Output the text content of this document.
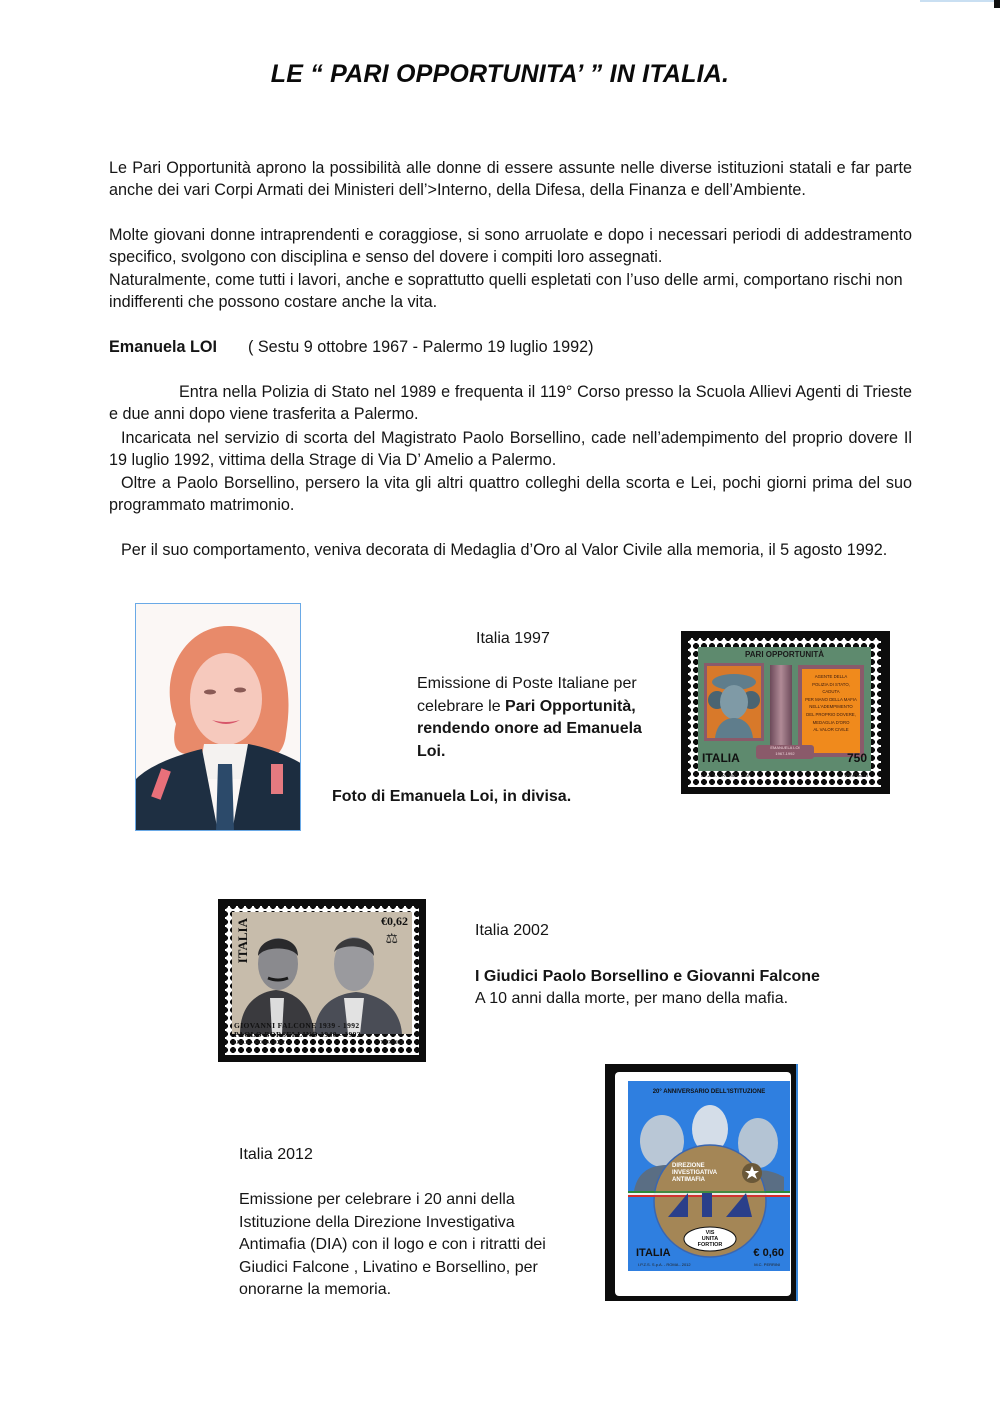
LE “ PARI OPPORTUNITA’ ” IN ITALIA.
Le Pari Opportunità aprono la possibilità alle donne di essere assunte nelle diverse istituzioni statali e far parte anche dei vari Corpi Armati dei Ministeri dell’>Interno, della Difesa, della Finanza e dell’Ambiente.
Molte giovani donne intraprendenti e coraggiose, si sono arruolate e dopo i necessari periodi di addestramento specifico, svolgono con disciplina e senso del dovere i compiti loro assegnati.
Naturalmente, come tutti i lavori, anche e soprattutto quelli espletati con l’uso delle armi, comportano rischi non indifferenti che possono costare anche la vita.
Emanuela LOI ( Sestu 9 ottobre 1967 - Palermo 19 luglio 1992)
Entra nella Polizia di Stato nel 1989 e frequenta il 119° Corso presso la Scuola Allievi Agenti di Trieste e due anni dopo viene trasferita a Palermo.
Incaricata nel servizio di scorta del Magistrato Paolo Borsellino, cade nell’adempimento del proprio dovere Il 19 luglio 1992, vittima della Strage di Via D’ Amelio a Palermo.
Oltre a Paolo Borsellino, persero la vita gli altri quattro colleghi della scorta e Lei, pochi giorni prima del suo programmato matrimonio.
Per il suo comportamento, veniva decorata di Medaglia d’Oro al Valor Civile alla memoria, il 5 agosto 1992.
Italia 1997
Emissione di Poste Italiane per celebrare le Pari Opportunità, rendendo onore ad Emanuela Loi.
Foto di Emanuela Loi, in divisa.
PARI OPPORTUNITÀ
AGENTE DELLA
POLIZIA DI STATO,
CADUTA
PER MANO DELLA MAFIA
NELL'ADEMPIMENTO
DEL PROPRIO DOVERE,
MEDAGLIA D'ORO
AL VALOR CIVILE
EMANUELA LOI
1967-1992
ITALIA	750
I.P.Z.S. - ROMA - 1997	L. VANGELLI
ITALIA	€0,62
⚖
GIOVANNI FALCONE 1939 - 1992
PAOLO BORSELLINO 1940 - 1992
I.P.Z.S. - ROMA - 2002	T. TRINCA
Italia 2002
I Giudici Paolo Borsellino e Giovanni Falcone
A 10 anni dalla morte, per mano della mafia.
20° ANNIVERSARIO DELL'ISTITUZIONE
DIREZIONE
INVESTIGATIVA
ANTIMAFIA
VIS
UNITA
FORTIOR
ITALIA	€ 0,60
I.P.Z.S. S.p.A. - ROMA - 2012	M.C. PERRINI
Italia 2012
Emissione per celebrare i 20 anni della Istituzione della Direzione Investigativa Antimafia (DIA) con il logo e con i ritratti dei Giudici Falcone , Livatino e Borsellino, per onorarne la memoria.
